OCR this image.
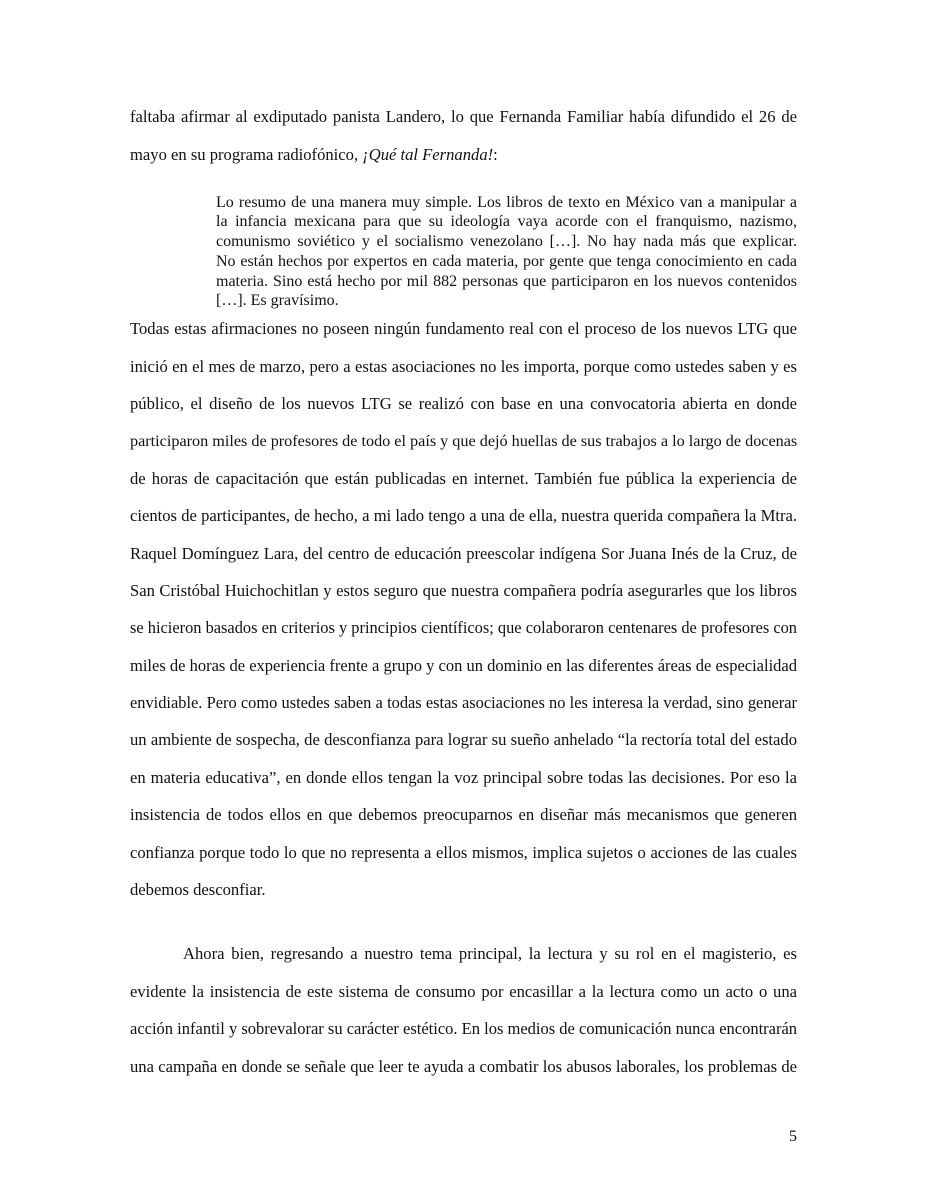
faltaba afirmar al exdiputado panista Landero, lo que Fernanda Familiar había difundido el 26 de
mayo en su programa radiofónico, ¡Qué tal Fernanda!:
Lo resumo de una manera muy simple. Los libros de texto en México van a manipular a
la infancia mexicana para que su ideología vaya acorde con el franquismo, nazismo,
comunismo soviético y el socialismo venezolano […]. No hay nada más que explicar.
No están hechos por expertos en cada materia, por gente que tenga conocimiento en cada
materia. Sino está hecho por mil 882 personas que participaron en los nuevos contenidos
[…]. Es gravísimo.
Todas estas afirmaciones no poseen ningún fundamento real con el proceso de los nuevos LTG que
inició en el mes de marzo, pero a estas asociaciones no les importa, porque como ustedes saben y es
público, el diseño de los nuevos LTG se realizó con base en una convocatoria abierta en donde
participaron miles de profesores de todo el país y que dejó huellas de sus trabajos a lo largo de docenas
de horas de capacitación que están publicadas en internet. También fue pública la experiencia de
cientos de participantes, de hecho, a mi lado tengo a una de ella, nuestra querida compañera la Mtra.
Raquel Domínguez Lara, del centro de educación preescolar indígena Sor Juana Inés de la Cruz, de
San Cristóbal Huichochitlan y estos seguro que nuestra compañera podría asegurarles que los libros
se hicieron basados en criterios y principios científicos; que colaboraron centenares de profesores con
miles de horas de experiencia frente a grupo y con un dominio en las diferentes áreas de especialidad
envidiable. Pero como ustedes saben a todas estas asociaciones no les interesa la verdad, sino generar
un ambiente de sospecha, de desconfianza para lograr su sueño anhelado “la rectoría total del estado
en materia educativa”, en donde ellos tengan la voz principal sobre todas las decisiones. Por eso la
insistencia de todos ellos en que debemos preocuparnos en diseñar más mecanismos que generen
confianza porque todo lo que no representa a ellos mismos, implica sujetos o acciones de las cuales
debemos desconfiar.
Ahora bien, regresando a nuestro tema principal, la lectura y su rol en el magisterio, es
evidente la insistencia de este sistema de consumo por encasillar a la lectura como un acto o una
acción infantil y sobrevalorar su carácter estético. En los medios de comunicación nunca encontrarán
una campaña en donde se señale que leer te ayuda a combatir los abusos laborales, los problemas de
5
